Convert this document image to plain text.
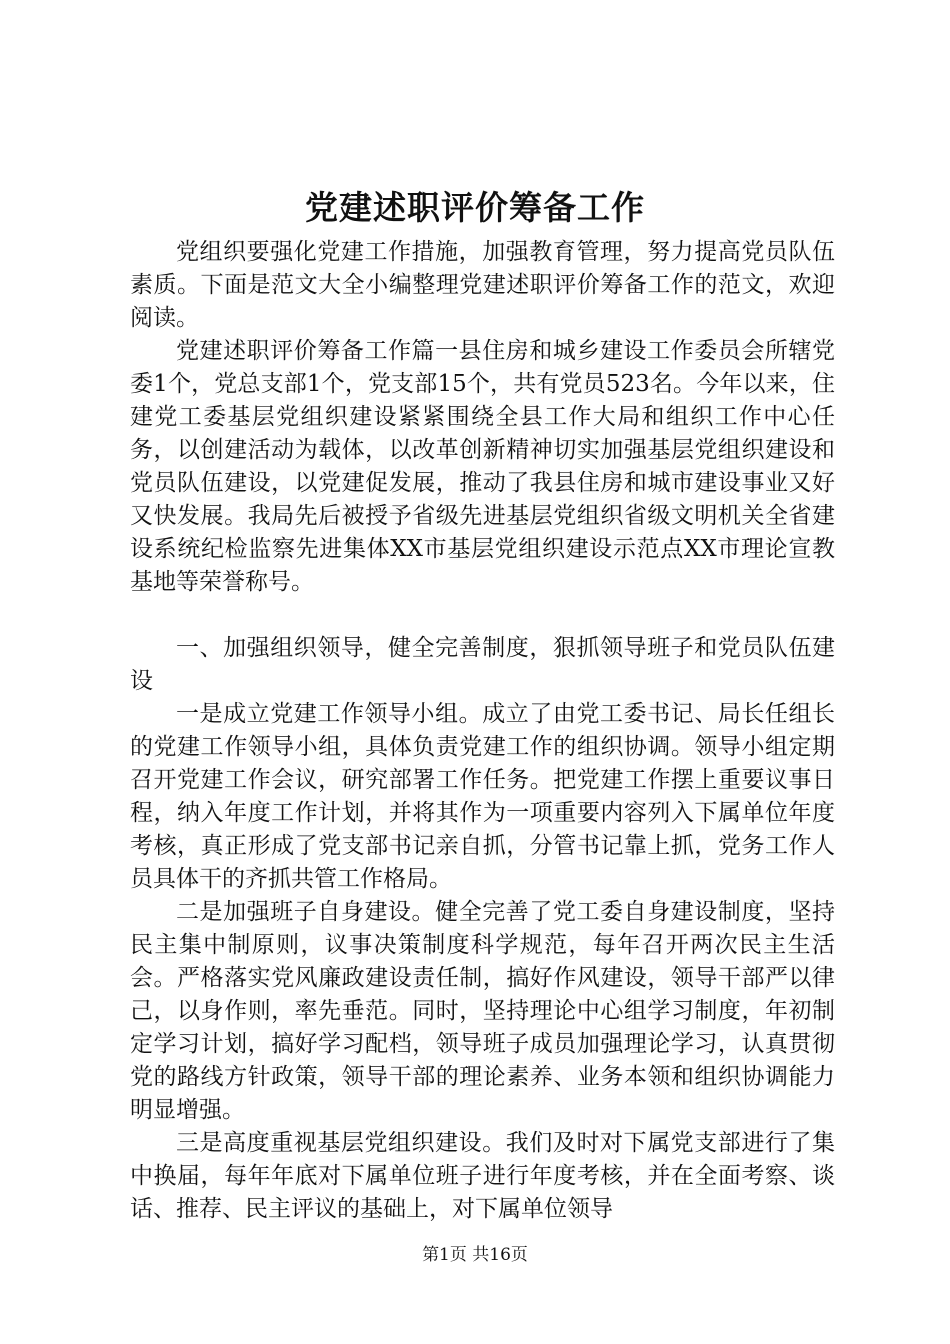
党建述职评价筹备工作

党组织要强化党建工作措施，加强教育管理，努力提高党员队伍素质。下面是范文大全小编整理党建述职评价筹备工作的范文，欢迎阅读。

党建述职评价筹备工作篇一县住房和城乡建设工作委员会所辖党委1个，党总支部1个，党支部15个，共有党员523名。今年以来，住建党工委基层党组织建设紧紧围绕全县工作大局和组织工作中心任务，以创建活动为载体，以改革创新精神切实加强基层党组织建设和党员队伍建设，以党建促发展，推动了我县住房和城市建设事业又好又快发展。我局先后被授予省级先进基层党组织省级文明机关全省建设系统纪检监察先进集体XX市基层党组织建设示范点XX市理论宣教基地等荣誉称号。

一、加强组织领导，健全完善制度，狠抓领导班子和党员队伍建设

一是成立党建工作领导小组。成立了由党工委书记、局长任组长的党建工作领导小组，具体负责党建工作的组织协调。领导小组定期召开党建工作会议，研究部署工作任务。把党建工作摆上重要议事日程，纳入年度工作计划，并将其作为一项重要内容列入下属单位年度考核，真正形成了党支部书记亲自抓，分管书记靠上抓，党务工作人员具体干的齐抓共管工作格局。

二是加强班子自身建设。健全完善了党工委自身建设制度，坚持民主集中制原则，议事决策制度科学规范，每年召开两次民主生活会。严格落实党风廉政建设责任制，搞好作风建设，领导干部严以律己，以身作则，率先垂范。同时，坚持理论中心组学习制度，年初制定学习计划，搞好学习配档，领导班子成员加强理论学习，认真贯彻党的路线方针政策，领导干部的理论素养、业务本领和组织协调能力明显增强。

三是高度重视基层党组织建设。我们及时对下属党支部进行了集中换届，每年年底对下属单位班子进行年度考核，并在全面考察、谈话、推荐、民主评议的基础上，对下属单位领导

第1页 共16页
